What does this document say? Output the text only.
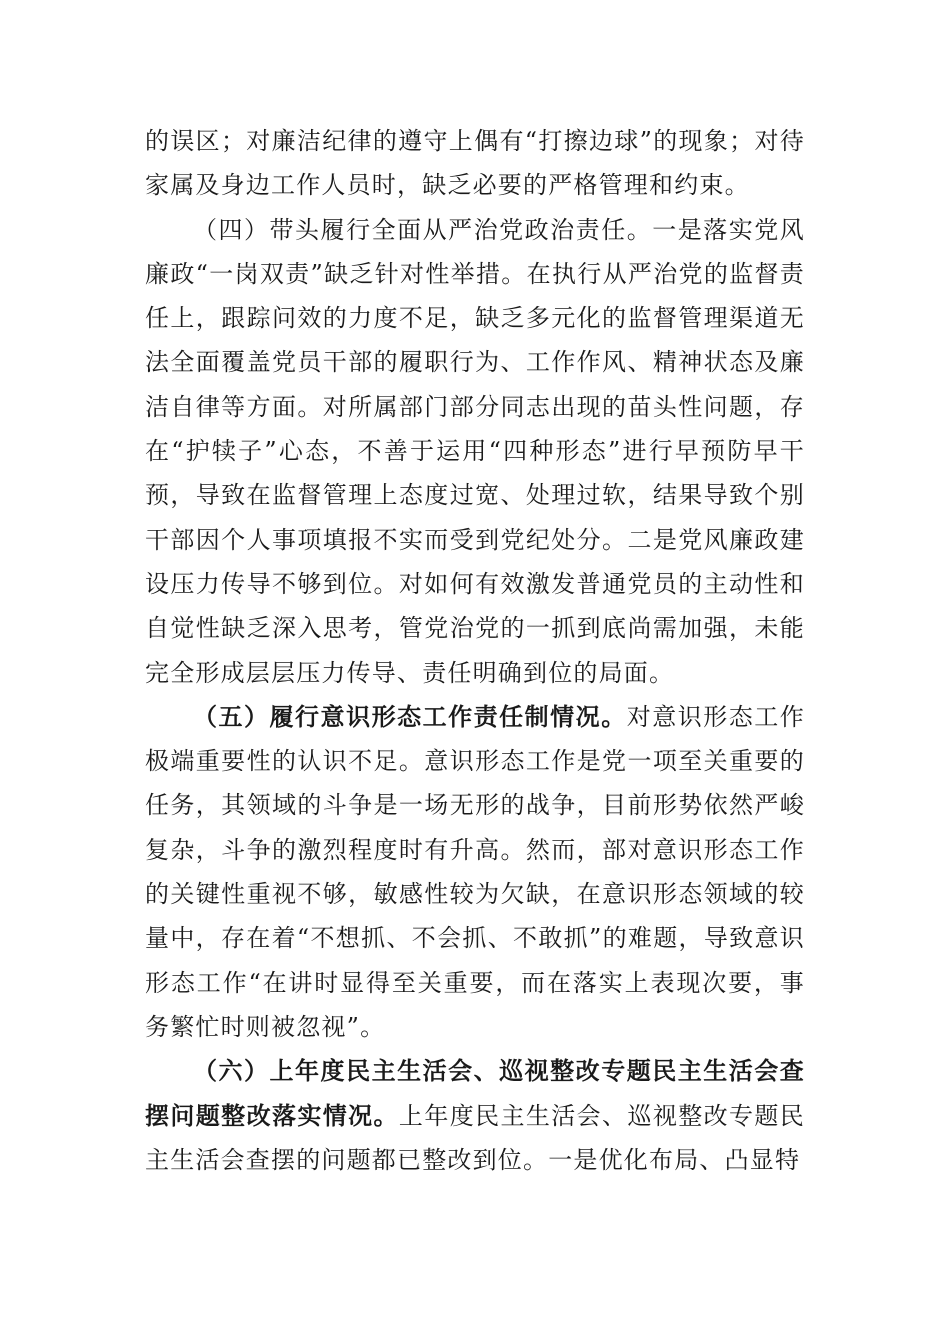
的误区；对廉洁纪律的遵守上偶有“打擦边球”的现象；对待家属及身边工作人员时，缺乏必要的严格管理和约束。

（四）带头履行全面从严治党政治责任。一是落实党风廉政“一岗双责”缺乏针对性举措。在执行从严治党的监督责任上，跟踪问效的力度不足，缺乏多元化的监督管理渠道无法全面覆盖党员干部的履职行为、工作作风、精神状态及廉洁自律等方面。对所属部门部分同志出现的苗头性问题，存在“护犊子”心态，不善于运用“四种形态”进行早预防早干预，导致在监督管理上态度过宽、处理过软，结果导致个别干部因个人事项填报不实而受到党纪处分。二是党风廉政建设压力传导不够到位。对如何有效激发普通党员的主动性和自觉性缺乏深入思考，管党治党的一抓到底尚需加强，未能完全形成层层压力传导、责任明确到位的局面。

（五）履行意识形态工作责任制情况。对意识形态工作极端重要性的认识不足。意识形态工作是党一项至关重要的任务，其领域的斗争是一场无形的战争，目前形势依然严峻复杂，斗争的激烈程度时有升高。然而，部对意识形态工作的关键性重视不够，敏感性较为欠缺，在意识形态领域的较量中，存在着“不想抓、不会抓、不敢抓”的难题，导致意识形态工作“在讲时显得至关重要，而在落实上表现次要，事务繁忙时则被忽视”。

（六）上年度民主生活会、巡视整改专题民主生活会查摆问题整改落实情况。上年度民主生活会、巡视整改专题民主生活会查摆的问题都已整改到位。一是优化布局、凸显特
